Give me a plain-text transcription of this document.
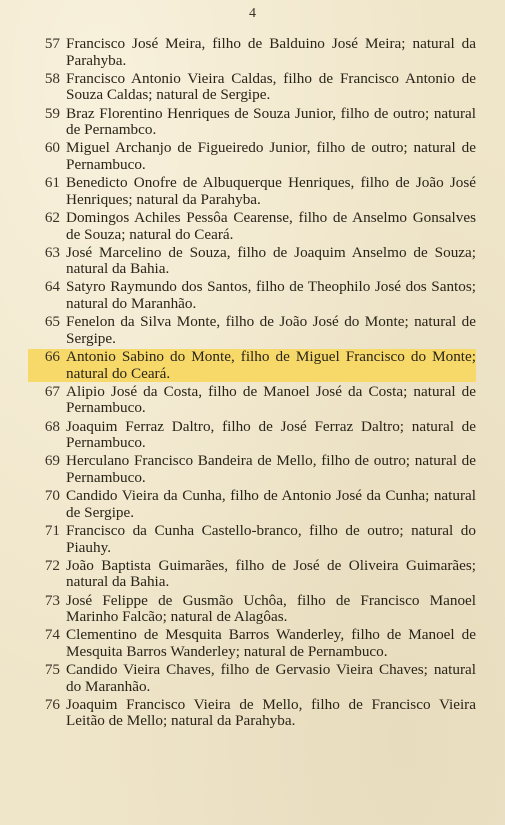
4
57 Francisco José Meira, filho de Balduino José Meira; natural da Parahyba.
58 Francisco Antonio Vieira Caldas, filho de Francisco Antonio de Souza Caldas; natural de Sergipe.
59 Braz Florentino Henriques de Souza Junior, filho de outro; natural de Pernambco.
60 Miguel Archanjo de Figueiredo Junior, filho de outro; natural de Pernambuco.
61 Benedicto Onofre de Albuquerque Henriques, filho de João José Henriques; natural da Parahyba.
62 Domingos Achiles Pessôa Cearense, filho de Anselmo Gonsalves de Souza; natural do Ceará.
63 José Marcelino de Souza, filho de Joaquim Anselmo de Souza; natural da Bahia.
64 Satyro Raymundo dos Santos, filho de Theophilo José dos Santos; natural do Maranhão.
65 Fenelon da Silva Monte, filho de João José do Monte; natural de Sergipe.
66 Antonio Sabino do Monte, filho de Miguel Francisco do Monte; natural do Ceará.
67 Alipio José da Costa, filho de Manoel José da Costa; natural de Pernambuco.
68 Joaquim Ferraz Daltro, filho de José Ferraz Daltro; natural de Pernambuco.
69 Herculano Francisco Bandeira de Mello, filho de outro; natural de Pernambuco.
70 Candido Vieira da Cunha, filho de Antonio José da Cunha; natural de Sergipe.
71 Francisco da Cunha Castello-branco, filho de outro; natural do Piauhy.
72 João Baptista Guimarães, filho de José de Oliveira Guimarães; natural da Bahia.
73 José Felippe de Gusmão Uchôa, filho de Francisco Manoel Marinho Falcão; natural de Alagôas.
74 Clementino de Mesquita Barros Wanderley, filho de Manoel de Mesquita Barros Wanderley; natural de Pernambuco.
75 Candido Vieira Chaves, filho de Gervasio Vieira Chaves; natural do Maranhão.
76 Joaquim Francisco Vieira de Mello, filho de Francisco Vieira Leitão de Mello; natural da Parahyba.
